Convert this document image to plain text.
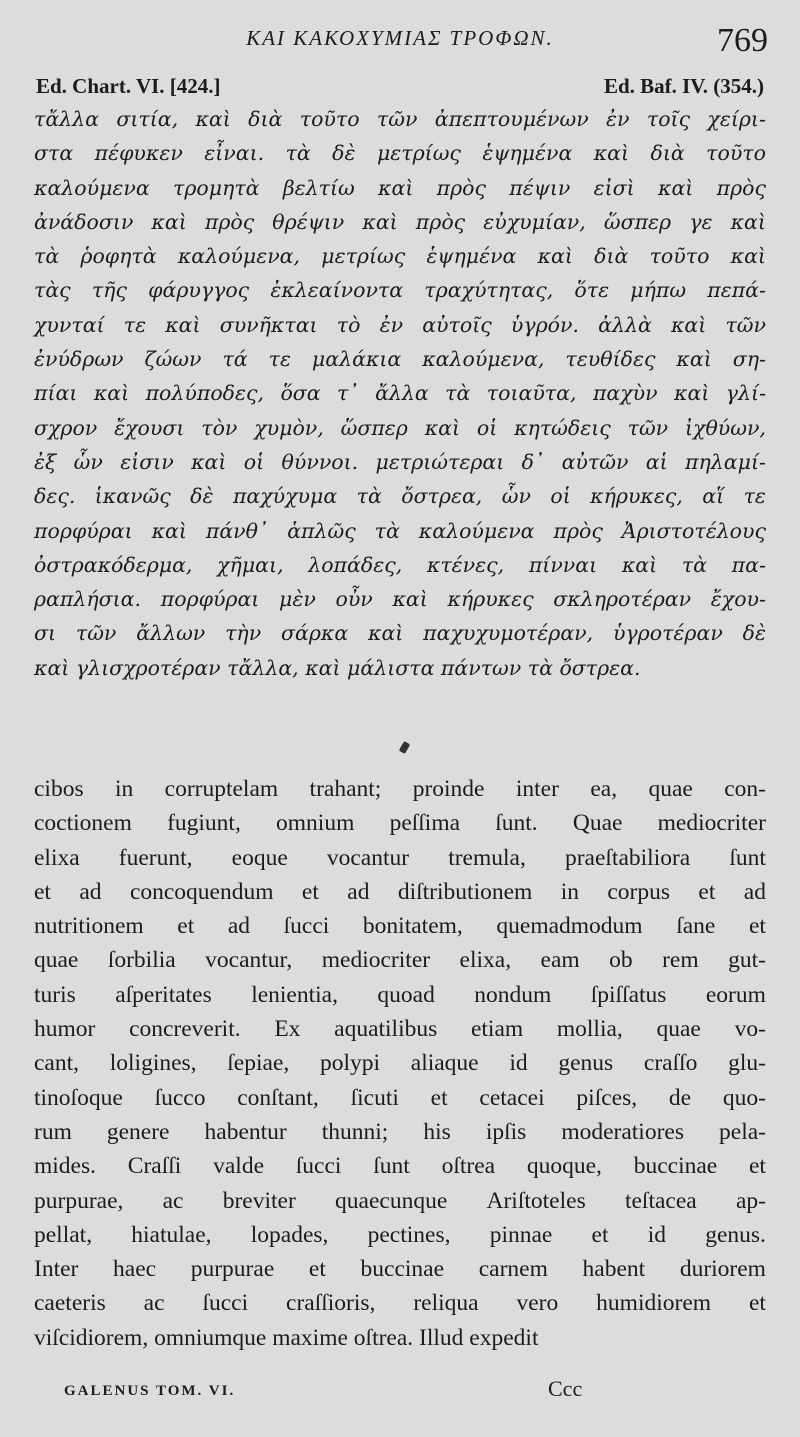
ΚΑΙ ΚΑΚΟΧΥΜΙΑΣ ΤΡΟΦΩΝ.	769
Ed. Chart. VI. [424.]	Ed. Baf. IV. (354.)
τἄλλα σιτία, καὶ διὰ τοῦτο τῶν ἀπεπτουμένων ἐν τοῖς χείρι-
στα πέφυκεν εἶναι. τὰ δὲ μετρίως ἑψημένα καὶ διὰ τοῦτο
καλούμενα τρομητὰ βελτίω καὶ πρὸς πέψιν εἰσὶ καὶ πρὸς
ἀνάδοσιν καὶ πρὸς θρέψιν καὶ πρὸς εὐχυμίαν, ὥσπερ γε καὶ
τὰ ῥοφητὰ καλούμενα, μετρίως ἑψημένα καὶ διὰ τοῦτο καὶ
τὰς τῆς φάρυγγος ἐκλεαίνοντα τραχύτητας, ὅτε μήπω πεπά-
χυνταί τε καὶ συνῆκται τὸ ἐν αὐτοῖς ὑγρόν. ἀλλὰ καὶ τῶν
ἐνύδρων ζώων τά τε μαλάκια καλούμενα, τευθίδες καὶ ση-
πίαι καὶ πολύποδες, ὅσα τ᾽ ἄλλα τὰ τοιαῦτα, παχὺν καὶ γλί-
σχρον ἔχουσι τὸν χυμὸν, ὥσπερ καὶ οἱ κητώδεις τῶν ἰχθύων,
ἐξ ὧν εἰσιν καὶ οἱ θύννοι. μετριώτεραι δ᾽ αὐτῶν αἱ πηλαμί-
δες. ἱκανῶς δὲ παχύχυμα τὰ ὄστρεα, ὧν οἱ κήρυκες, αἵ τε
πορφύραι καὶ πάνθ᾽ ἁπλῶς τὰ καλούμενα πρὸς Ἀριστοτέλους
ὀστρακόδερμα, χῆμαι, λοπάδες, κτένες, πίνναι καὶ τὰ πα-
ραπλήσια. πορφύραι μὲν οὖν καὶ κήρυκες σκληροτέραν ἔχου-
σι τῶν ἄλλων τὴν σάρκα καὶ παχυχυμοτέραν, ὑγροτέραν δὲ
καὶ γλισχροτέραν τἄλλα, καὶ μάλιστα πάντων τὰ ὄστρεα.
cibos in corruptelam trahant; proinde inter ea, quae con-
coctionem fugiunt, omnium peſſima ſunt. Quae mediocriter
elixa fuerunt, eoque vocantur tremula, praeſtabiliora ſunt
et ad concoquendum et ad diſtributionem in corpus et ad
nutritionem et ad ſucci bonitatem, quemadmodum ſane et
quae ſorbilia vocantur, mediocriter elixa, eam ob rem gut-
turis aſperitates lenientia, quoad nondum ſpiſſatus eorum
humor concreverit. Ex aquatilibus etiam mollia, quae vo-
cant, loligines, ſepiae, polypi aliaque id genus craſſo glu-
tinoſoque ſucco conſtant, ſicuti et cetacei piſces, de quo-
rum genere habentur thunni; his ipſis moderatiores pela-
mides. Craſſi valde ſucci ſunt oſtrea quoque, buccinae et
purpurae, ac breviter quaecunque Ariſtoteles teſtacea ap-
pellat, hiatulae, lopades, pectines, pinnae et id genus.
Inter haec purpurae et buccinae carnem habent duriorem
caeteris ac ſucci craſſioris, reliqua vero humidiorem et
viſcidiorem, omniumque maxime oſtrea. Illud expedit
GALENUS TOM. VI.	Ccc
